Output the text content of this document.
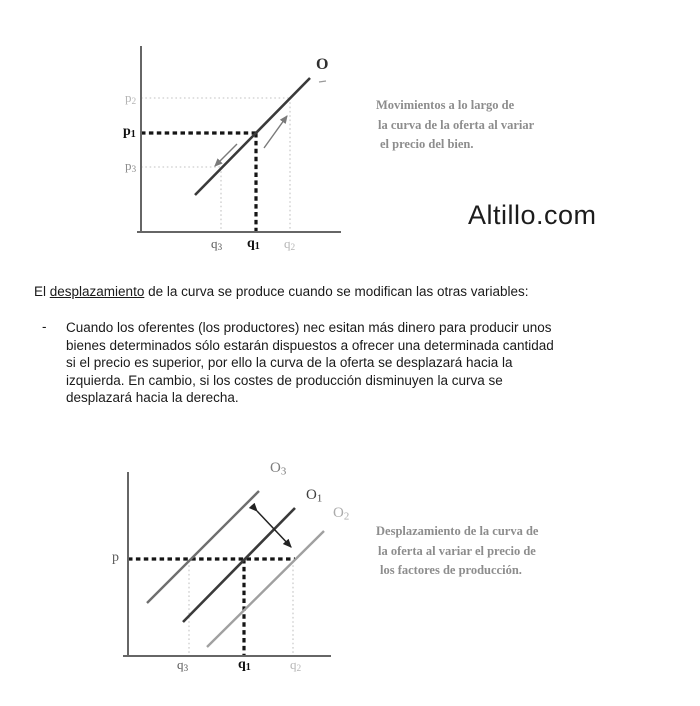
O
$p_2$
$p_1$
$p_3$
$q_3$ $q_1$ $q_2$
Movimientos a lo largo de
la curva de la oferta al variar
el precio del bien.
Altillo.com
El desplazamiento de la curva se produce cuando se modifican las otras variables:
- Cuando los oferentes (los productores) nec esitan más dinero para producir unos
bienes determinados sólo estarán dispuestos a ofrecer una determinada cantidad
si el precio es superior, por ello la curva de la oferta se desplazará hacia la
izquierda. En cambio, si los costes de producción disminuyen la curva se
desplazará hacia la derecha.
$O_3$
$O_1$
$O_2$
p
$q_3$	$q_1$	$q_2$
Desplazamiento de la curva de
la oferta al variar el precio de
los factores de producción.
